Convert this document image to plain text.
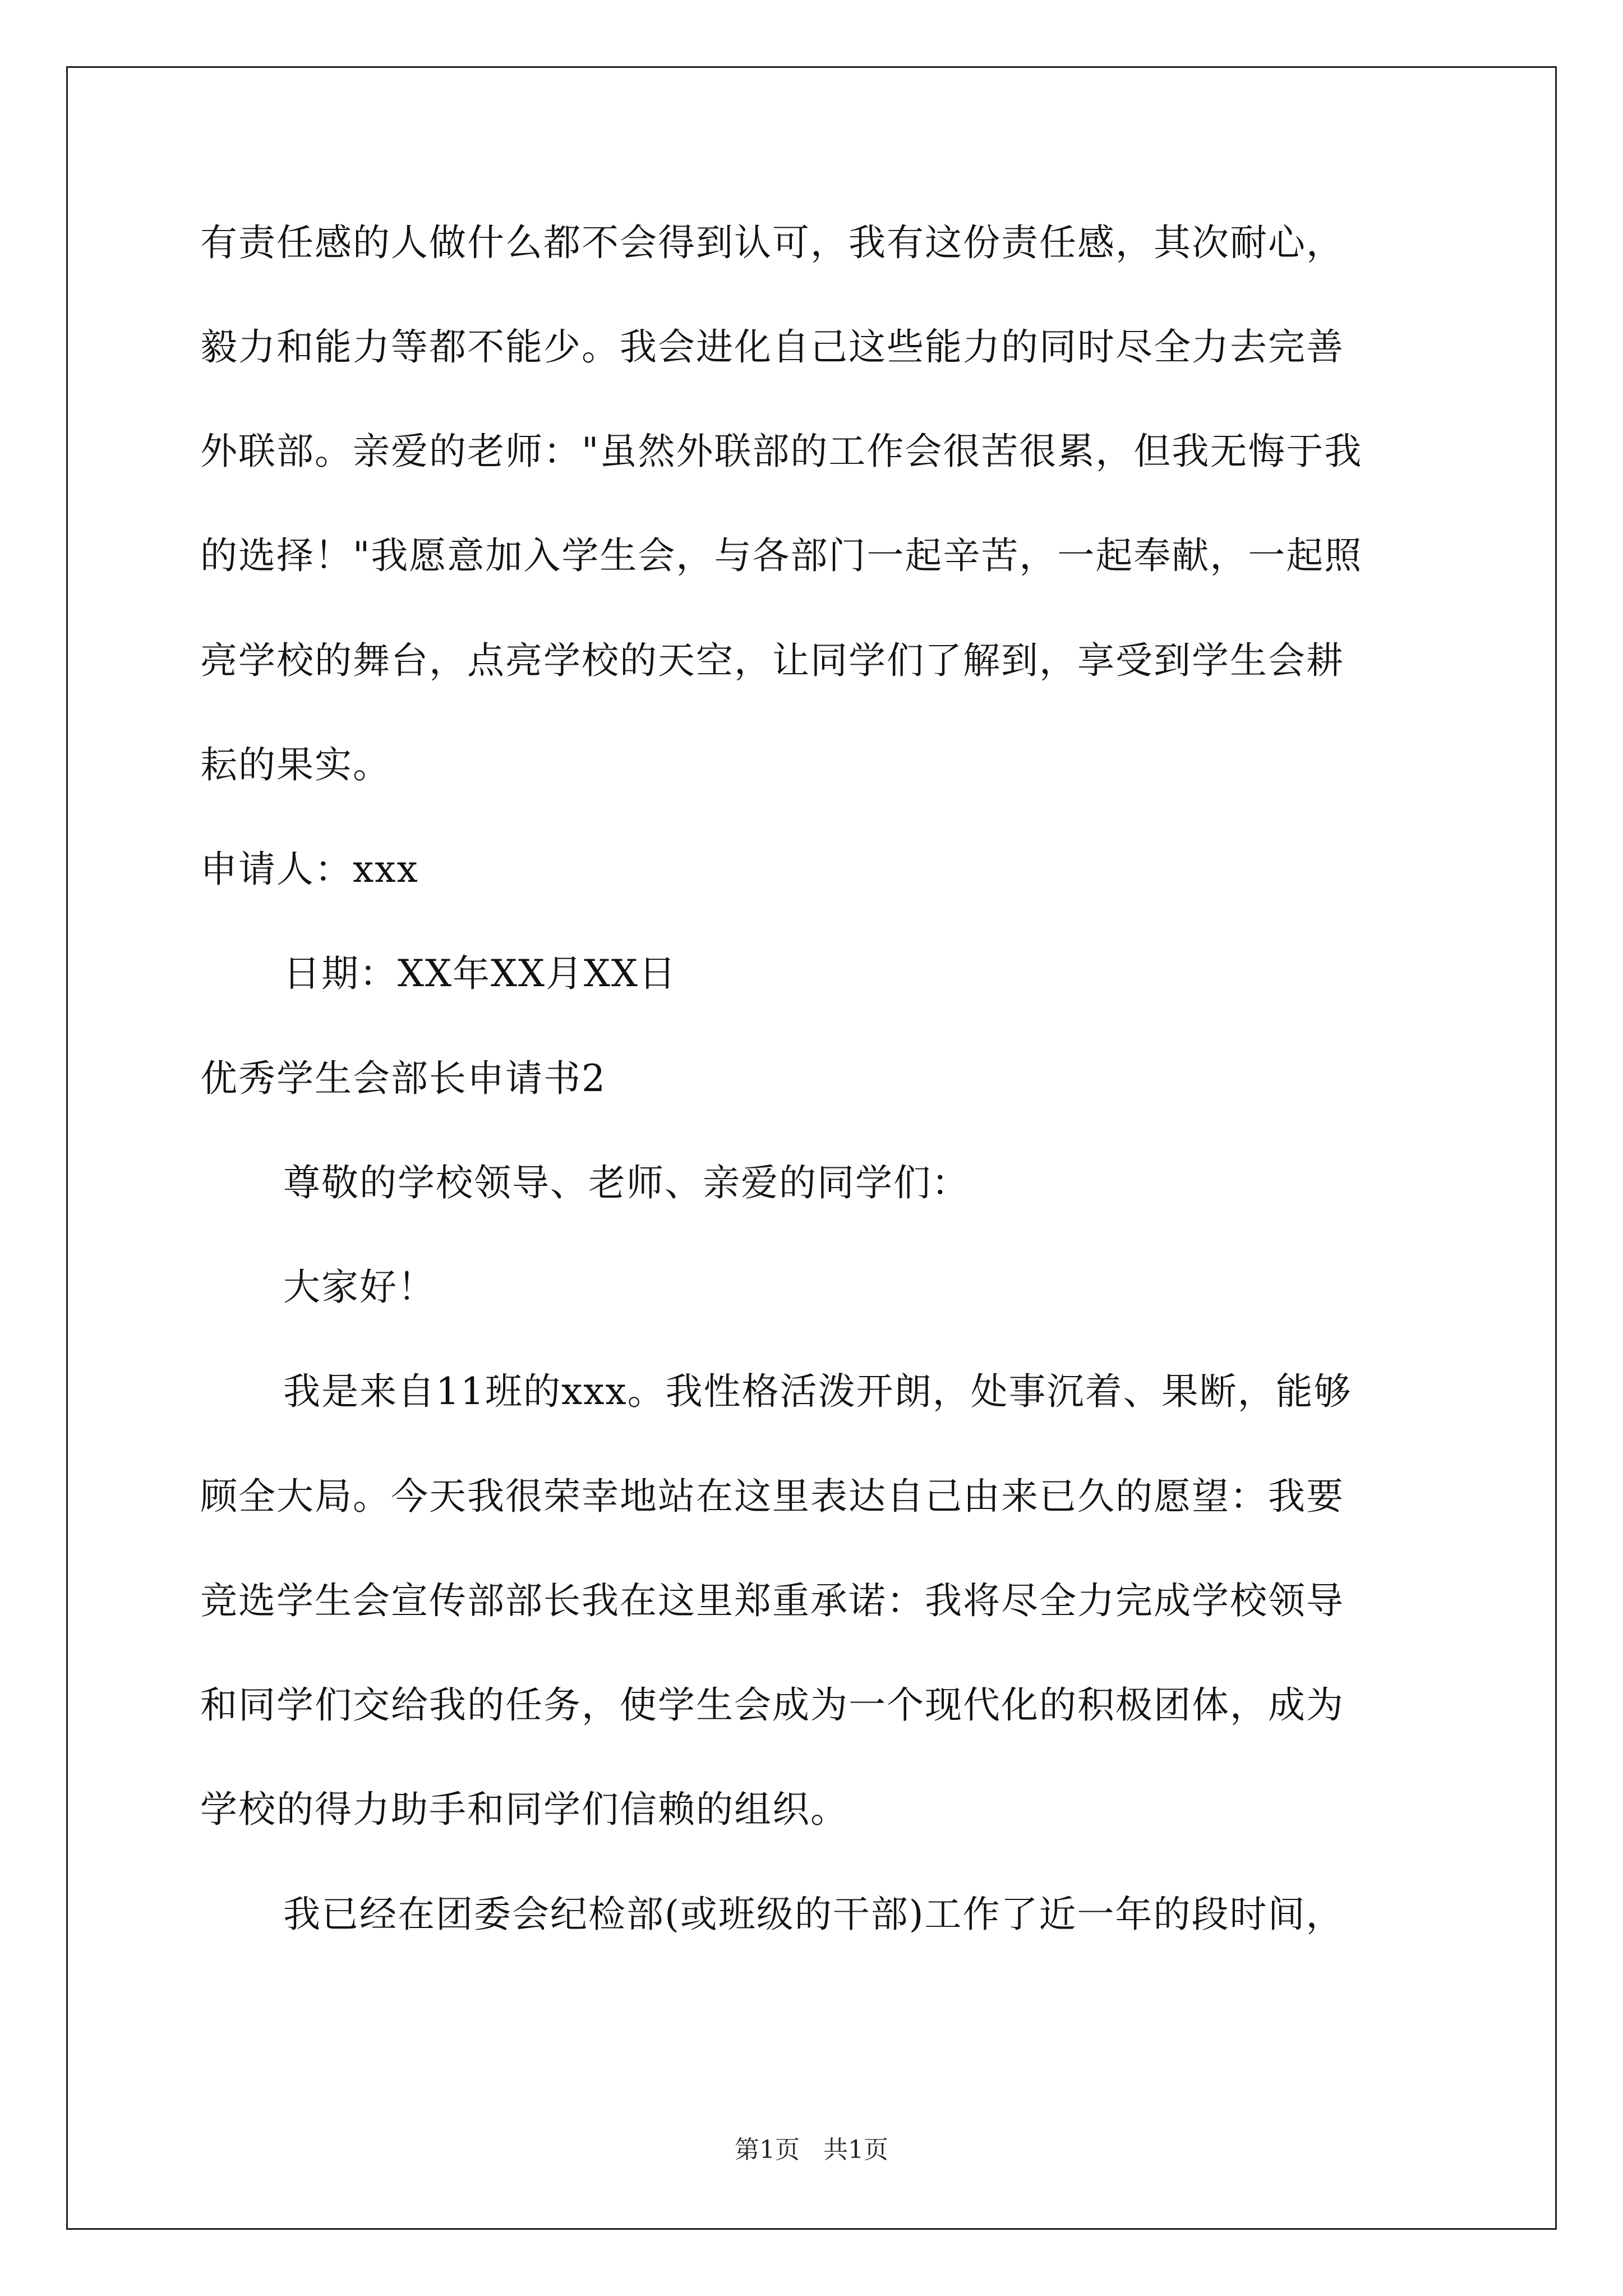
有责任感的人做什么都不会得到认可，我有这份责任感，其次耐心，
毅力和能力等都不能少。我会进化自己这些能力的同时尽全力去完善
外联部。亲爱的老师："虽然外联部的工作会很苦很累，但我无悔于我
的选择！"我愿意加入学生会，与各部门一起辛苦，一起奉献，一起照
亮学校的舞台，点亮学校的天空，让同学们了解到，享受到学生会耕
耘的果实。
申请人：xxx
日期：XX年XX月XX日
优秀学生会部长申请书2
尊敬的学校领导、老师、亲爱的同学们：
大家好！
我是来自11班的xxx。我性格活泼开朗，处事沉着、果断，能够
顾全大局。今天我很荣幸地站在这里表达自己由来已久的愿望：我要
竞选学生会宣传部部长我在这里郑重承诺：我将尽全力完成学校领导
和同学们交给我的任务，使学生会成为一个现代化的积极团体，成为
学校的得力助手和同学们信赖的组织。
我已经在团委会纪检部(或班级的干部)工作了近一年的段时间，
第1页   共1页
